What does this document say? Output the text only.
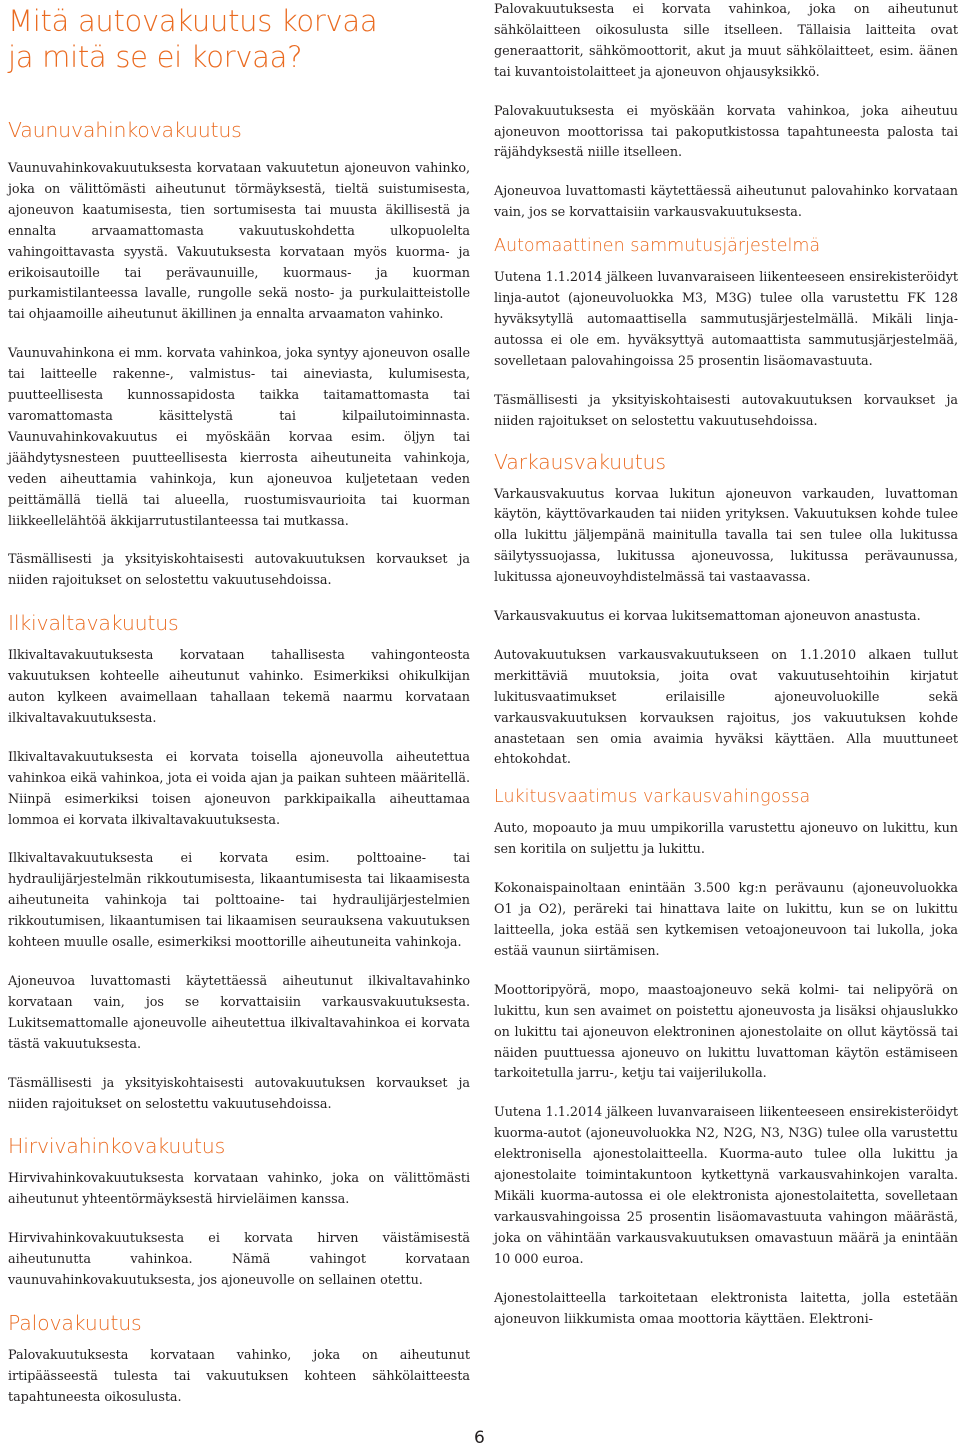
Mitä autovakuutus korvaa ja mitä se ei korvaa?
Vaunuvahinkovakuutus

Vaunuvahinkovakuutuksesta korvataan vakuutetun ajoneuvon vahinko, joka on välittömästi aiheutunut törmäyksestä, tieltä suistumisesta, ajoneuvon kaatumisesta, tien sortumisesta tai muusta äkillisestä ja ennalta arvaamattomasta vakuutuskohdetta ulkopuolelta vahingoittavasta syystä. Vakuutuksesta korvataan myös kuorma- ja erikoisautoille tai perävaunuille, kuormaus- ja kuorman purkamistilanteessa lavalle, rungolle sekä nosto- ja purkulaitteistolle tai ohjaamoille aiheutunut äkillinen ja ennalta arvaamaton vahinko.

Vaunuvahinkona ei mm. korvata vahinkoa, joka syntyy ajoneuvon osalle tai laitteelle rakenne-, valmistus- tai aineviasta, kulumisesta, puutteellisesta kunnossapidosta taikka taitamattomasta tai varomattomasta käsittelystä tai kilpailutoiminnasta. Vaunuvahinkovakuutus ei myöskään korvaa esim. öljyn tai jäähdytysnesteen puutteellisesta kierrosta aiheutuneita vahinkoja, veden aiheuttamia vahinkoja, kun ajoneuvoa kuljetetaan veden peittämällä tiellä tai alueella, ruostumisvaurioita tai kuorman liikkeellelähtöä äkkijarrutustilanteessa tai mutkassa.

Täsmällisesti ja yksityiskohtaisesti autovakuutuksen korvaukset ja niiden rajoitukset on selostettu vakuutusehdoissa.

Ilkivaltavakuutus

Ilkivaltavakuutuksesta korvataan tahallisesta vahingonteosta vakuutuksen kohteelle aiheutunut vahinko. Esimerkiksi ohikulkijan auton kylkeen avaimellaan tahallaan tekemä naarmu korvataan ilkivaltavakuutuksesta.

Ilkivaltavakuutuksesta ei korvata toisella ajoneuvolla aiheutettua vahinkoa eikä vahinkoa, jota ei voida ajan ja paikan suhteen määritellä. Niinpä esimerkiksi toisen ajoneuvon parkkipaikalla aiheuttamaa lommoa ei korvata ilkivaltavakuutuksesta.

Ilkivaltavakuutuksesta ei korvata esim. polttoaine- tai hydraulijärjestelmän rikkoutumisesta, likaantumisesta tai likaamisesta aiheutuneita vahinkoja tai polttoaine- tai hydraulijärjestelmien rikkoutumisen, likaantumisen tai likaamisen seurauksena vakuutuksen kohteen muulle osalle, esimerkiksi moottorille aiheutuneita vahinkoja.

Ajoneuvoa luvattomasti käytettäessä aiheutunut ilkivaltavahinko korvataan vain, jos se korvattaisiin varkausvakuutuksesta. Lukitsemattomalle ajoneuvolle aiheutettua ilkivaltavahinkoa ei korvata tästä vakuutuksesta.

Täsmällisesti ja yksityiskohtaisesti autovakuutuksen korvaukset ja niiden rajoitukset on selostettu vakuutusehdoissa.

Hirvivahinkovakuutus

Hirvivahinkovakuutuksesta korvataan vahinko, joka on välittömästi aiheutunut yhteentörmäyksestä hirvieläimen kanssa.

Hirvivahinkovakuutuksesta ei korvata hirven väistämisestä aiheutunutta vahinkoa. Nämä vahingot korvataan vaunuvahinkovakuutuksesta, jos ajoneuvolle on sellainen otettu.

Palovakuutus

Palovakuutuksesta korvataan vahinko, joka on aiheutunut irtipäässeestä tulesta tai vakuutuksen kohteen sähkölaitteesta tapahtuneesta oikosulusta.

6

Palovakuutuksesta ei korvata vahinkoa, joka on aiheutunut sähkölaitteen oikosulusta sille itselleen. Tällaisia laitteita ovat generaattorit, sähkömoottorit, akut ja muut sähkölaitteet, esim. äänen tai kuvantoistolaitteet ja ajoneuvon ohjausyksikkö.

Palovakuutuksesta ei myöskään korvata vahinkoa, joka aiheutuu ajoneuvon moottorissa tai pakoputkistossa tapahtuneesta palosta tai räjähdyksestä niille itselleen.

Ajoneuvoa luvattomasti käytettäessä aiheutunut palovahinko korvataan vain, jos se korvattaisiin varkausvakuutuksesta.

Automaattinen sammutusjärjestelmä

Uutena 1.1.2014 jälkeen luvanvaraiseen liikenteeseen ensirekisteröidyt linja-autot (ajoneuvoluokka M3, M3G) tulee olla varustettu FK 128 hyväksytyllä automaattisella sammutusjärjestelmällä. Mikäli linja-autossa ei ole em. hyväksyttyä automaattista sammutusjärjestelmää, sovelletaan palovahingoissa 25 prosentin lisäomavastuuta.

Täsmällisesti ja yksityiskohtaisesti autovakuutuksen korvaukset ja niiden rajoitukset on selostettu vakuutusehdoissa.

Varkausvakuutus

Varkausvakuutus korvaa lukitun ajoneuvon varkauden, luvattoman käytön, käyttövarkauden tai niiden yrityksen. Vakuutuksen kohde tulee olla lukittu jäljempänä mainitulla tavalla tai sen tulee olla lukitussa säilytyssuojassa, lukitussa ajoneuvossa, lukitussa perävaunussa, lukitussa ajoneuvoyhdistelmässä tai vastaavassa.

Varkausvakuutus ei korvaa lukitsemattoman ajoneuvon anastusta.

Autovakuutuksen varkausvakuutukseen on 1.1.2010 alkaen tullut merkittäviä muutoksia, joita ovat vakuutusehtoihin kirjatut lukitusvaatimukset erilaisille ajoneuvoluokille sekä varkausvakuutuksen korvauksen rajoitus, jos vakuutuksen kohde anastetaan sen omia avaimia hyväksi käyttäen. Alla muuttuneet ehtokohdat.

Lukitusvaatimus varkausvahingossa

Auto, mopoauto ja muu umpikorilla varustettu ajoneuvo on lukittu, kun sen koritila on suljettu ja lukittu.

Kokonaispainoltaan enintään 3.500 kg:n perävaunu (ajoneuvoluokka O1 ja O2), peräreki tai hinattava laite on lukittu, kun se on lukittu laitteella, joka estää sen kytkemisen vetoajoneuvoon tai lukolla, joka estää vaunun siirtämisen.

Moottoripyörä, mopo, maastoajoneuvo sekä kolmi- tai nelipyörä on lukittu, kun sen avaimet on poistettu ajoneuvosta ja lisäksi ohjauslukko on lukittu tai ajoneuvon elektroninen ajonestolaite on ollut käytössä tai näiden puuttuessa ajoneuvo on lukittu luvattoman käytön estämiseen tarkoitetulla jarru-, ketju tai vaijerilukolla.

Uutena 1.1.2014 jälkeen luvanvaraiseen liikenteeseen ensirekisteröidyt kuorma-autot (ajoneuvoluokka N2, N2G, N3, N3G) tulee olla varustettu elektronisella ajonestolaitteella. Kuorma-auto tulee olla lukittu ja ajonestolaite toimintakuntoon kytkettynä varkausvahinkojen varalta. Mikäli kuorma-autossa ei ole elektronista ajonestolaitetta, sovelletaan varkausvahingoissa 25 prosentin lisäomavastuuta vahingon määrästä, joka on vähintään varkausvakuutuksen omavastuun määrä ja enintään 10 000 euroa.

Ajonestolaitteella tarkoitetaan elektronista laitetta, jolla estetään ajoneuvon liikkumista omaa moottoria käyttäen. Elektroni-
